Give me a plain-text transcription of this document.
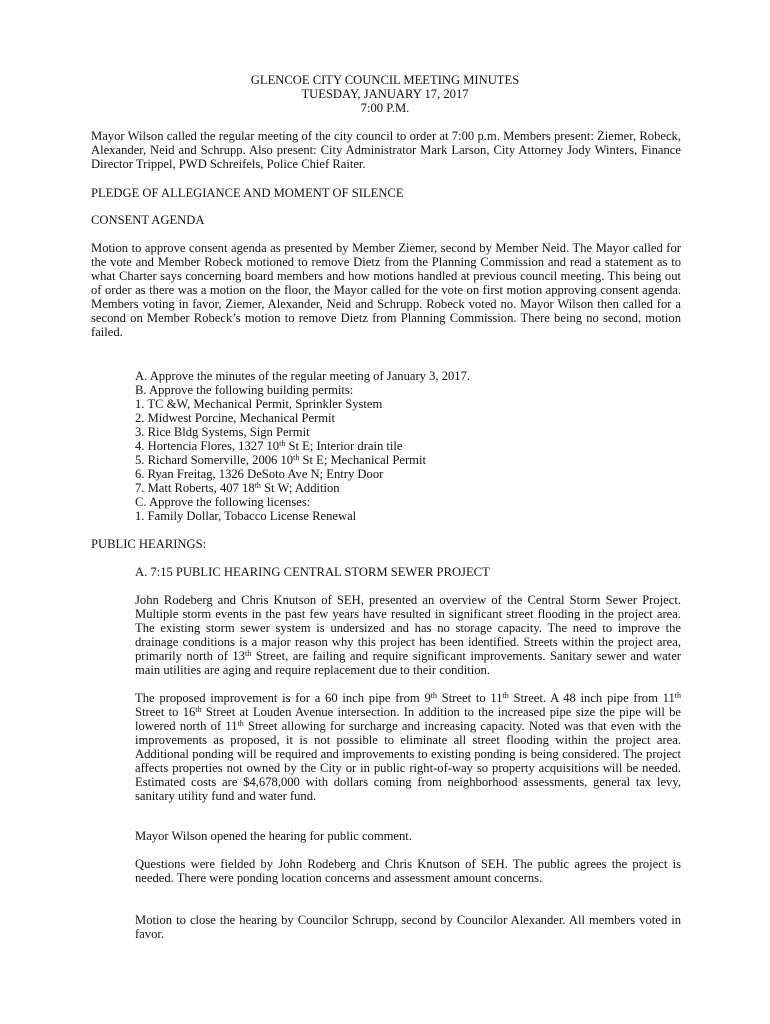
GLENCOE CITY COUNCIL MEETING MINUTES
TUESDAY, JANUARY 17, 2017
7:00 P.M.
Mayor Wilson called the regular meeting of the city council to order at 7:00 p.m. Members present: Ziemer, Robeck, Alexander, Neid and Schrupp. Also present: City Administrator Mark Larson, City Attorney Jody Winters, Finance Director Trippel, PWD Schreifels, Police Chief Raiter.
PLEDGE OF ALLEGIANCE AND MOMENT OF SILENCE
CONSENT AGENDA
Motion to approve consent agenda as presented by Member Ziemer, second by Member Neid. The Mayor called for the vote and Member Robeck motioned to remove Dietz from the Planning Commission and read a statement as to what Charter says concerning board members and how motions handled at previous council meeting. This being out of order as there was a motion on the floor, the Mayor called for the vote on first motion approving consent agenda. Members voting in favor, Ziemer, Alexander, Neid and Schrupp. Robeck voted no. Mayor Wilson then called for a second on Member Robeck’s motion to remove Dietz from Planning Commission. There being no second, motion failed.
A. Approve the minutes of the regular meeting of January 3, 2017.
B. Approve the following building permits:
1. TC &W, Mechanical Permit, Sprinkler System
2. Midwest Porcine, Mechanical Permit
3. Rice Bldg Systems, Sign Permit
4. Hortencia Flores, 1327 10th St E; Interior drain tile
5. Richard Somerville, 2006 10th St E; Mechanical Permit
6. Ryan Freitag, 1326 DeSoto Ave N; Entry Door
7. Matt Roberts, 407 18th St W; Addition
C. Approve the following licenses:
1. Family Dollar, Tobacco License Renewal
PUBLIC HEARINGS:
A. 7:15 PUBLIC HEARING CENTRAL STORM SEWER PROJECT
John Rodeberg and Chris Knutson of SEH, presented an overview of the Central Storm Sewer Project. Multiple storm events in the past few years have resulted in significant street flooding in the project area. The existing storm sewer system is undersized and has no storage capacity. The need to improve the drainage conditions is a major reason why this project has been identified. Streets within the project area, primarily north of 13th Street, are failing and require significant improvements. Sanitary sewer and water main utilities are aging and require replacement due to their condition.
The proposed improvement is for a 60 inch pipe from 9th Street to 11th Street. A 48 inch pipe from 11th Street to 16th Street at Louden Avenue intersection. In addition to the increased pipe size the pipe will be lowered north of 11th Street allowing for surcharge and increasing capacity. Noted was that even with the improvements as proposed, it is not possible to eliminate all street flooding within the project area. Additional ponding will be required and improvements to existing ponding is being considered. The project affects properties not owned by the City or in public right-of-way so property acquisitions will be needed. Estimated costs are $4,678,000 with dollars coming from neighborhood assessments, general tax levy, sanitary utility fund and water fund.
Mayor Wilson opened the hearing for public comment.
Questions were fielded by John Rodeberg and Chris Knutson of SEH. The public agrees the project is needed. There were ponding location concerns and assessment amount concerns.
Motion to close the hearing by Councilor Schrupp, second by Councilor Alexander. All members voted in favor.
